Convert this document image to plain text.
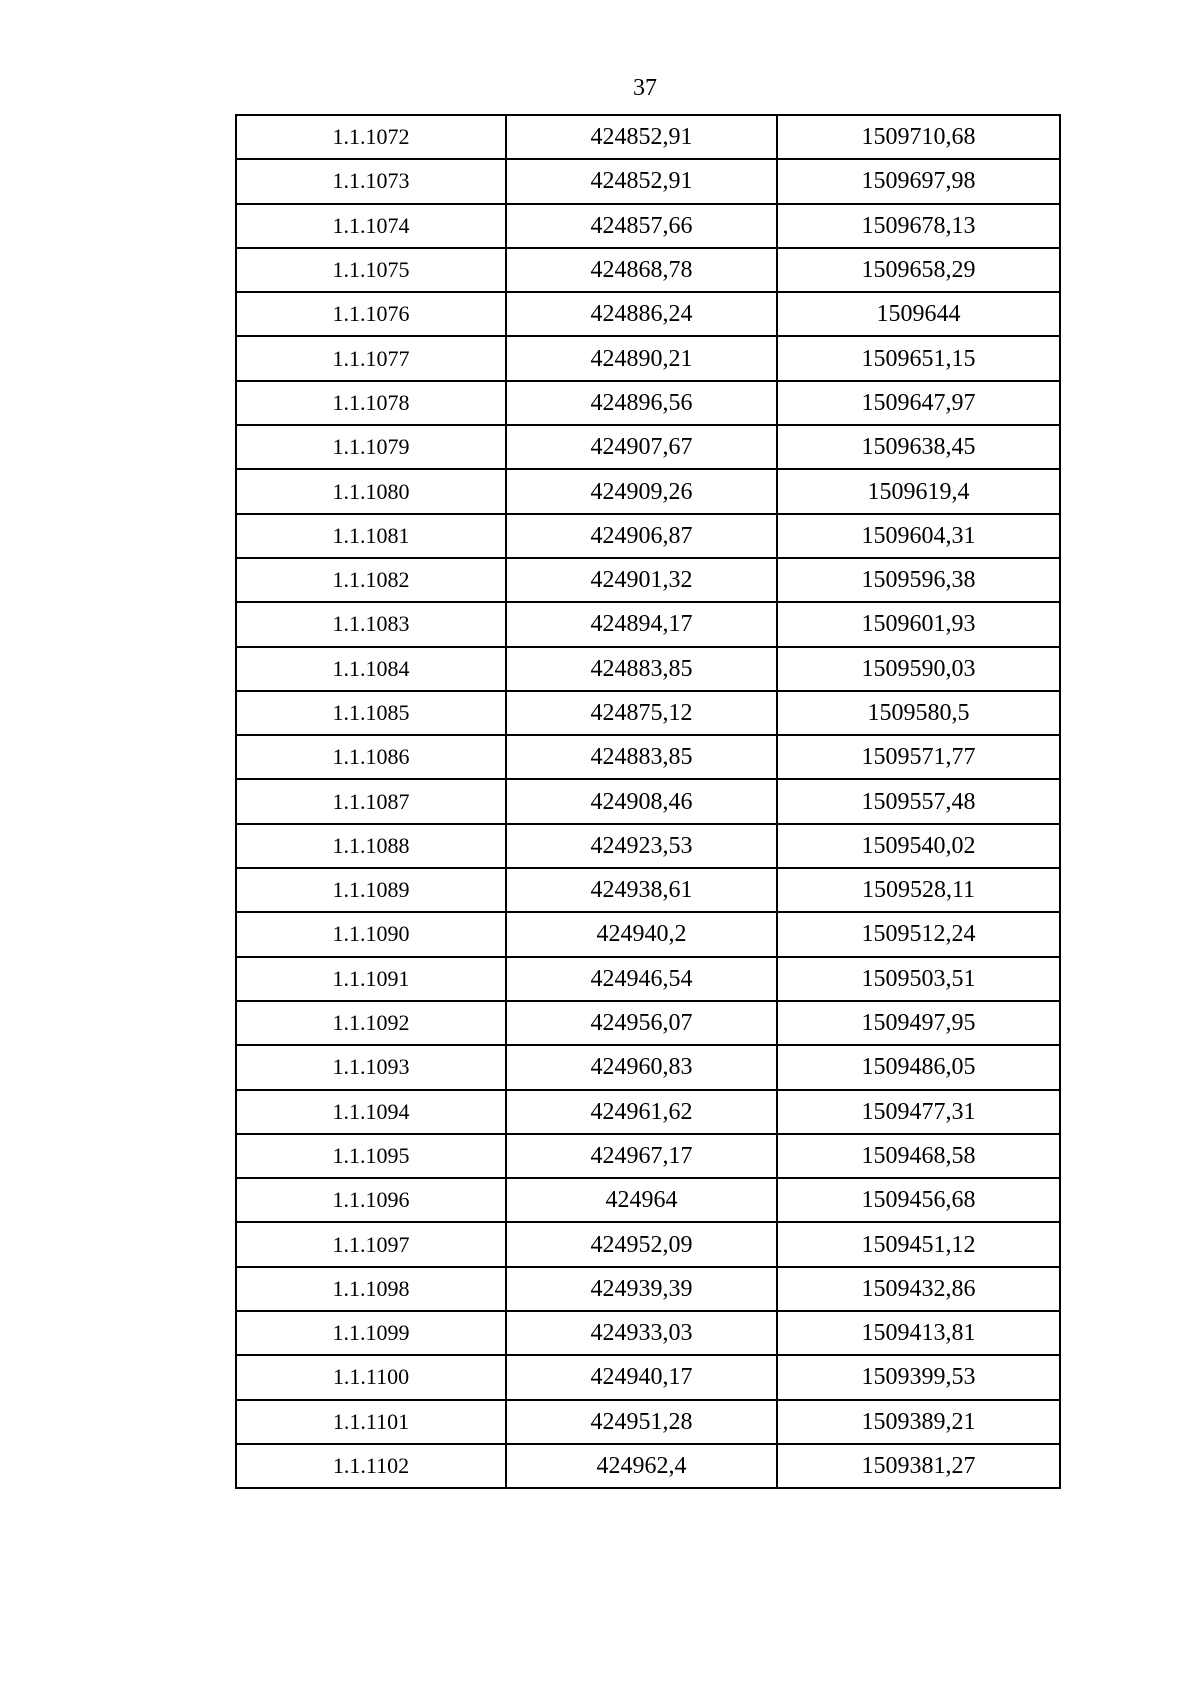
37
1.1.1072	424852,91	1509710,68
1.1.1073	424852,91	1509697,98
1.1.1074	424857,66	1509678,13
1.1.1075	424868,78	1509658,29
1.1.1076	424886,24	1509644
1.1.1077	424890,21	1509651,15
1.1.1078	424896,56	1509647,97
1.1.1079	424907,67	1509638,45
1.1.1080	424909,26	1509619,4
1.1.1081	424906,87	1509604,31
1.1.1082	424901,32	1509596,38
1.1.1083	424894,17	1509601,93
1.1.1084	424883,85	1509590,03
1.1.1085	424875,12	1509580,5
1.1.1086	424883,85	1509571,77
1.1.1087	424908,46	1509557,48
1.1.1088	424923,53	1509540,02
1.1.1089	424938,61	1509528,11
1.1.1090	424940,2	1509512,24
1.1.1091	424946,54	1509503,51
1.1.1092	424956,07	1509497,95
1.1.1093	424960,83	1509486,05
1.1.1094	424961,62	1509477,31
1.1.1095	424967,17	1509468,58
1.1.1096	424964	1509456,68
1.1.1097	424952,09	1509451,12
1.1.1098	424939,39	1509432,86
1.1.1099	424933,03	1509413,81
1.1.1100	424940,17	1509399,53
1.1.1101	424951,28	1509389,21
1.1.1102	424962,4	1509381,27
